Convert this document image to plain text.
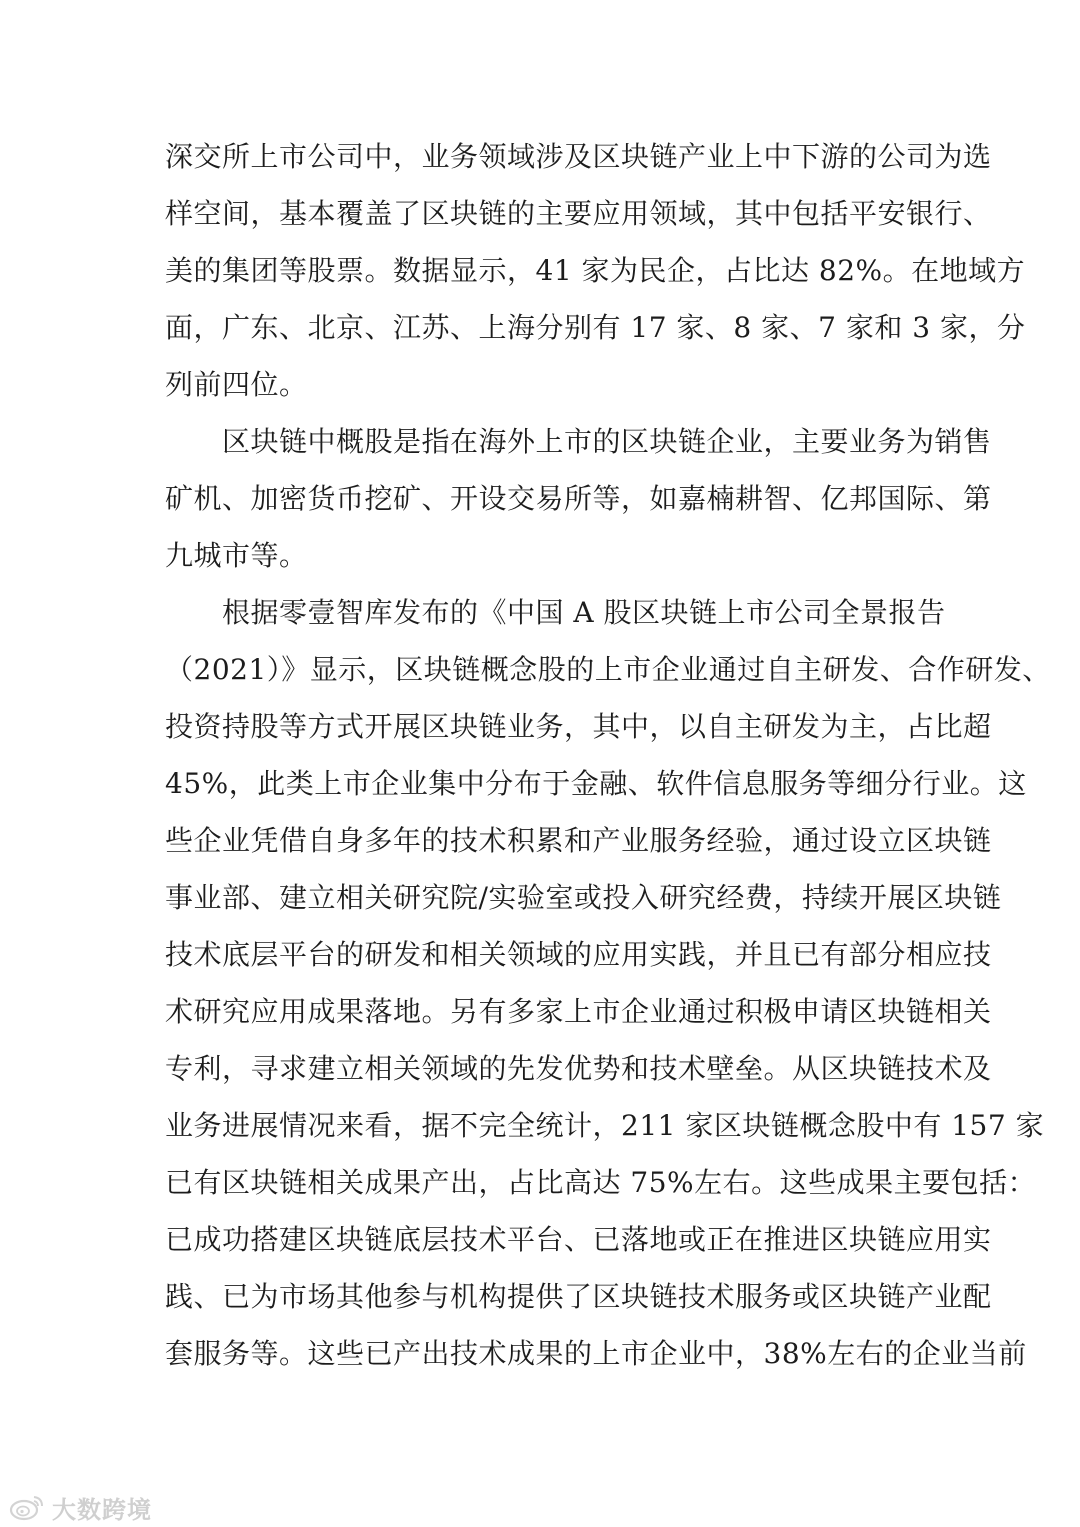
深交所上市公司中，业务领域涉及区块链产业上中下游的公司为选
样空间，基本覆盖了区块链的主要应用领域，其中包括平安银行、
美的集团等股票。数据显示，41 家为民企，占比达 82%。在地域方
面，广东、北京、江苏、上海分别有 17 家、8 家、7 家和 3 家，分
列前四位。
　　区块链中概股是指在海外上市的区块链企业，主要业务为销售
矿机、加密货币挖矿、开设交易所等，如嘉楠耕智、亿邦国际、第
九城市等。
　　根据零壹智库发布的《中国 A 股区块链上市公司全景报告
（2021）》显示，区块链概念股的上市企业通过自主研发、合作研发、
投资持股等方式开展区块链业务，其中，以自主研发为主，占比超
45%，此类上市企业集中分布于金融、软件信息服务等细分行业。这
些企业凭借自身多年的技术积累和产业服务经验，通过设立区块链
事业部、建立相关研究院/实验室或投入研究经费，持续开展区块链
技术底层平台的研发和相关领域的应用实践，并且已有部分相应技
术研究应用成果落地。另有多家上市企业通过积极申请区块链相关
专利，寻求建立相关领域的先发优势和技术壁垒。从区块链技术及
业务进展情况来看，据不完全统计，211 家区块链概念股中有 157 家
已有区块链相关成果产出，占比高达 75%左右。这些成果主要包括：
已成功搭建区块链底层技术平台、已落地或正在推进区块链应用实
践、已为市场其他参与机构提供了区块链技术服务或区块链产业配
套服务等。这些已产出技术成果的上市企业中，38%左右的企业当前
大数跨境
